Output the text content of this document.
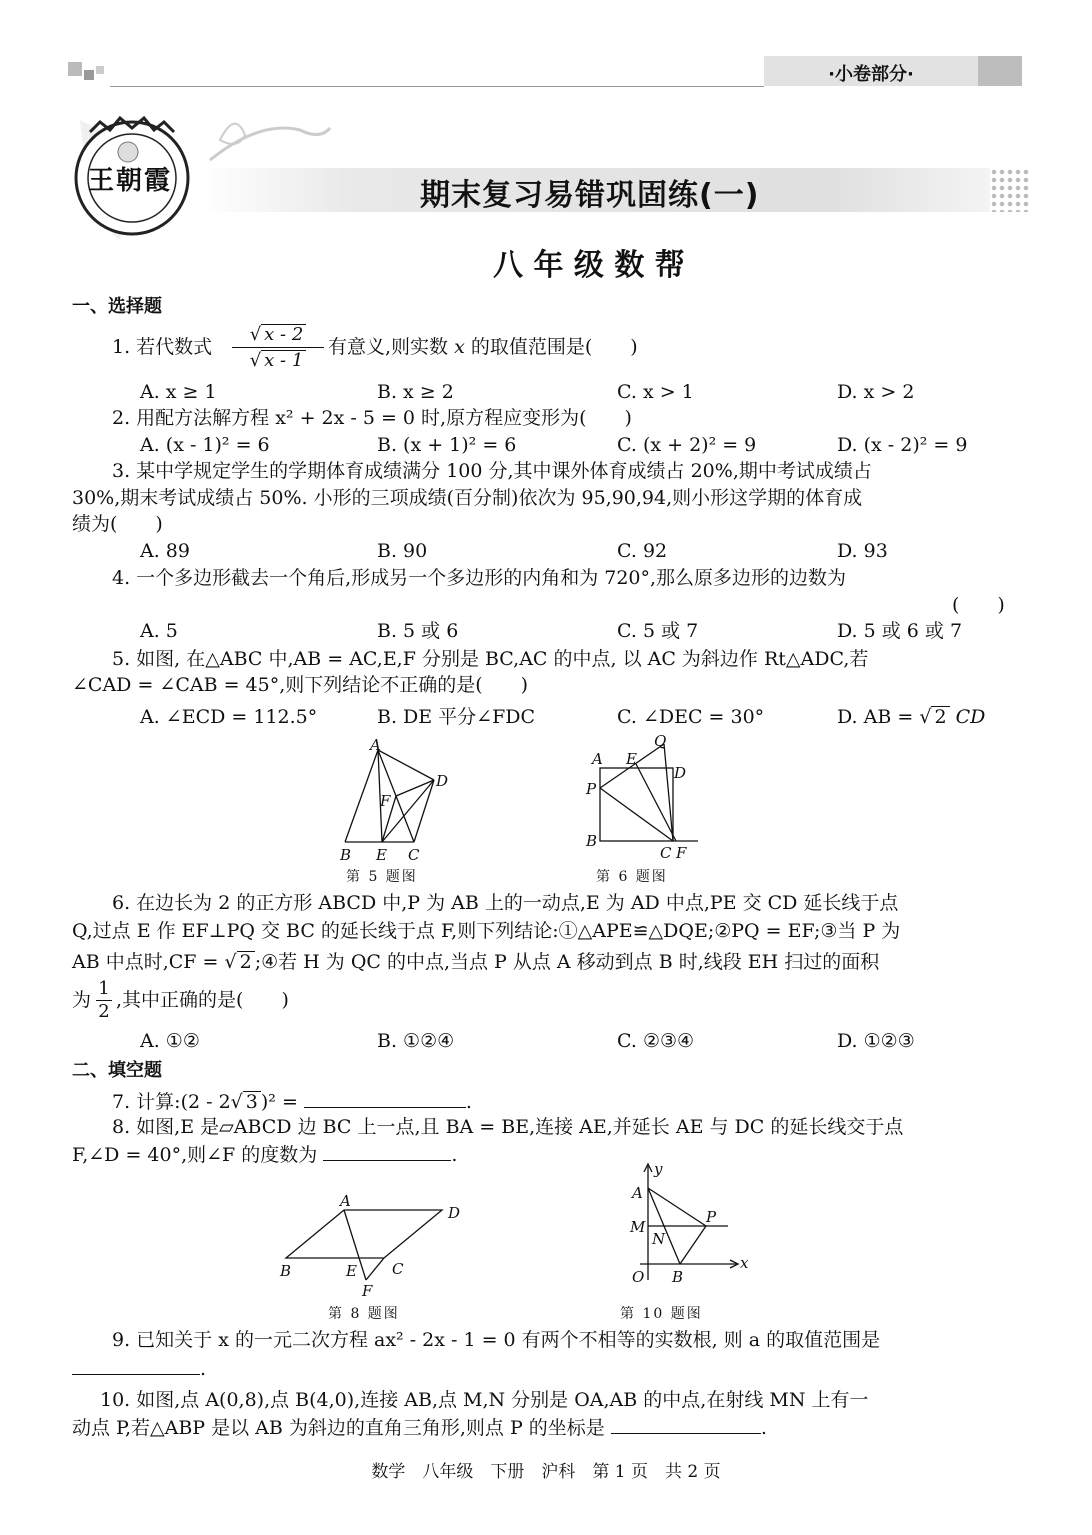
·小卷部分·
王朝霞	期末复习易错巩固练(一)
八 年 级 数 帮
一、选择题
1. 若代数式
√ x - 2
√ x - 1
有意义,则实数 x 的取值范围是(　　)
A. x ≥ 1	B. x ≥ 2	C. x > 1	D. x > 2
2. 用配方法解方程 x² + 2x - 5 = 0 时,原方程应变形为(　　)
A. (x - 1)² = 6	B. (x + 1)² = 6	C. (x + 2)² = 9	D. (x - 2)² = 9
3. 某中学规定学生的学期体育成绩满分 100 分,其中课外体育成绩占 20%,期中考试成绩占
30%,期末考试成绩占 50%. 小形的三项成绩(百分制)依次为 95,90,94,则小形这学期的体育成
绩为(　　)
A. 89	B. 90	C. 92	D. 93
4. 一个多边形截去一个角后,形成另一个多边形的内角和为 720°,那么原多边形的边数为
(　　)
A. 5	B. 5 或 6	C. 5 或 7	D. 5 或 6 或 7
5. 如图, 在△ABC 中,AB = AC,E,F 分别是 BC,AC 的中点, 以 AC 为斜边作 Rt△ADC,若
∠CAD = ∠CAB = 45°,则下列结论不正确的是(　　)
A. ∠ECD = 112.5°	B. DE 平分∠FDC	C. ∠DEC = 30°	D. AB = √ 2 CD
A
D
F
B E C
第 5 题图
Q
A E
D
P
B
C F
第 6 题图
6. 在边长为 2 的正方形 ABCD 中,P 为 AB 上的一动点,E 为 AD 中点,PE 交 CD 延长线于点
Q,过点 E 作 EF⊥PQ 交 BC 的延长线于点 F,则下列结论:①△APE≌△DQE;②PQ = EF;③当 P 为
AB 中点时,CF = √ 2 ;④若 H 为 QC 的中点,当点 P 从点 A 移动到点 B 时,线段 EH 扫过的面积
为 $\frac{1}{2}$ ,其中正确的是(　　)
A. ①②	B. ①②④	C. ②③④	D. ①②③
二、填空题
7. 计算:(2 - 2√ 3 )² =	.
8. 如图,E 是▱ABCD 边 BC 上一点,且 BA = BE,连接 AE,并延长 AE 与 DC 的延长线交于点
F,∠D = 40°,则∠F 的度数为	.
A
D
B	E C
F
第 8 题图
y
A
M
P
N
O B
x
第 10 题图
9. 已知关于 x 的一元二次方程 ax² - 2x - 1 = 0 有两个不相等的实数根, 则 a 的取值范围是
.
10. 如图,点 A(0,8),点 B(4,0),连接 AB,点 M,N 分别是 OA,AB 的中点,在射线 MN 上有一
动点 P,若△ABP 是以 AB 为斜边的直角三角形,则点 P 的坐标是	.
数学　八年级　下册　沪科　第 1 页　共 2 页
